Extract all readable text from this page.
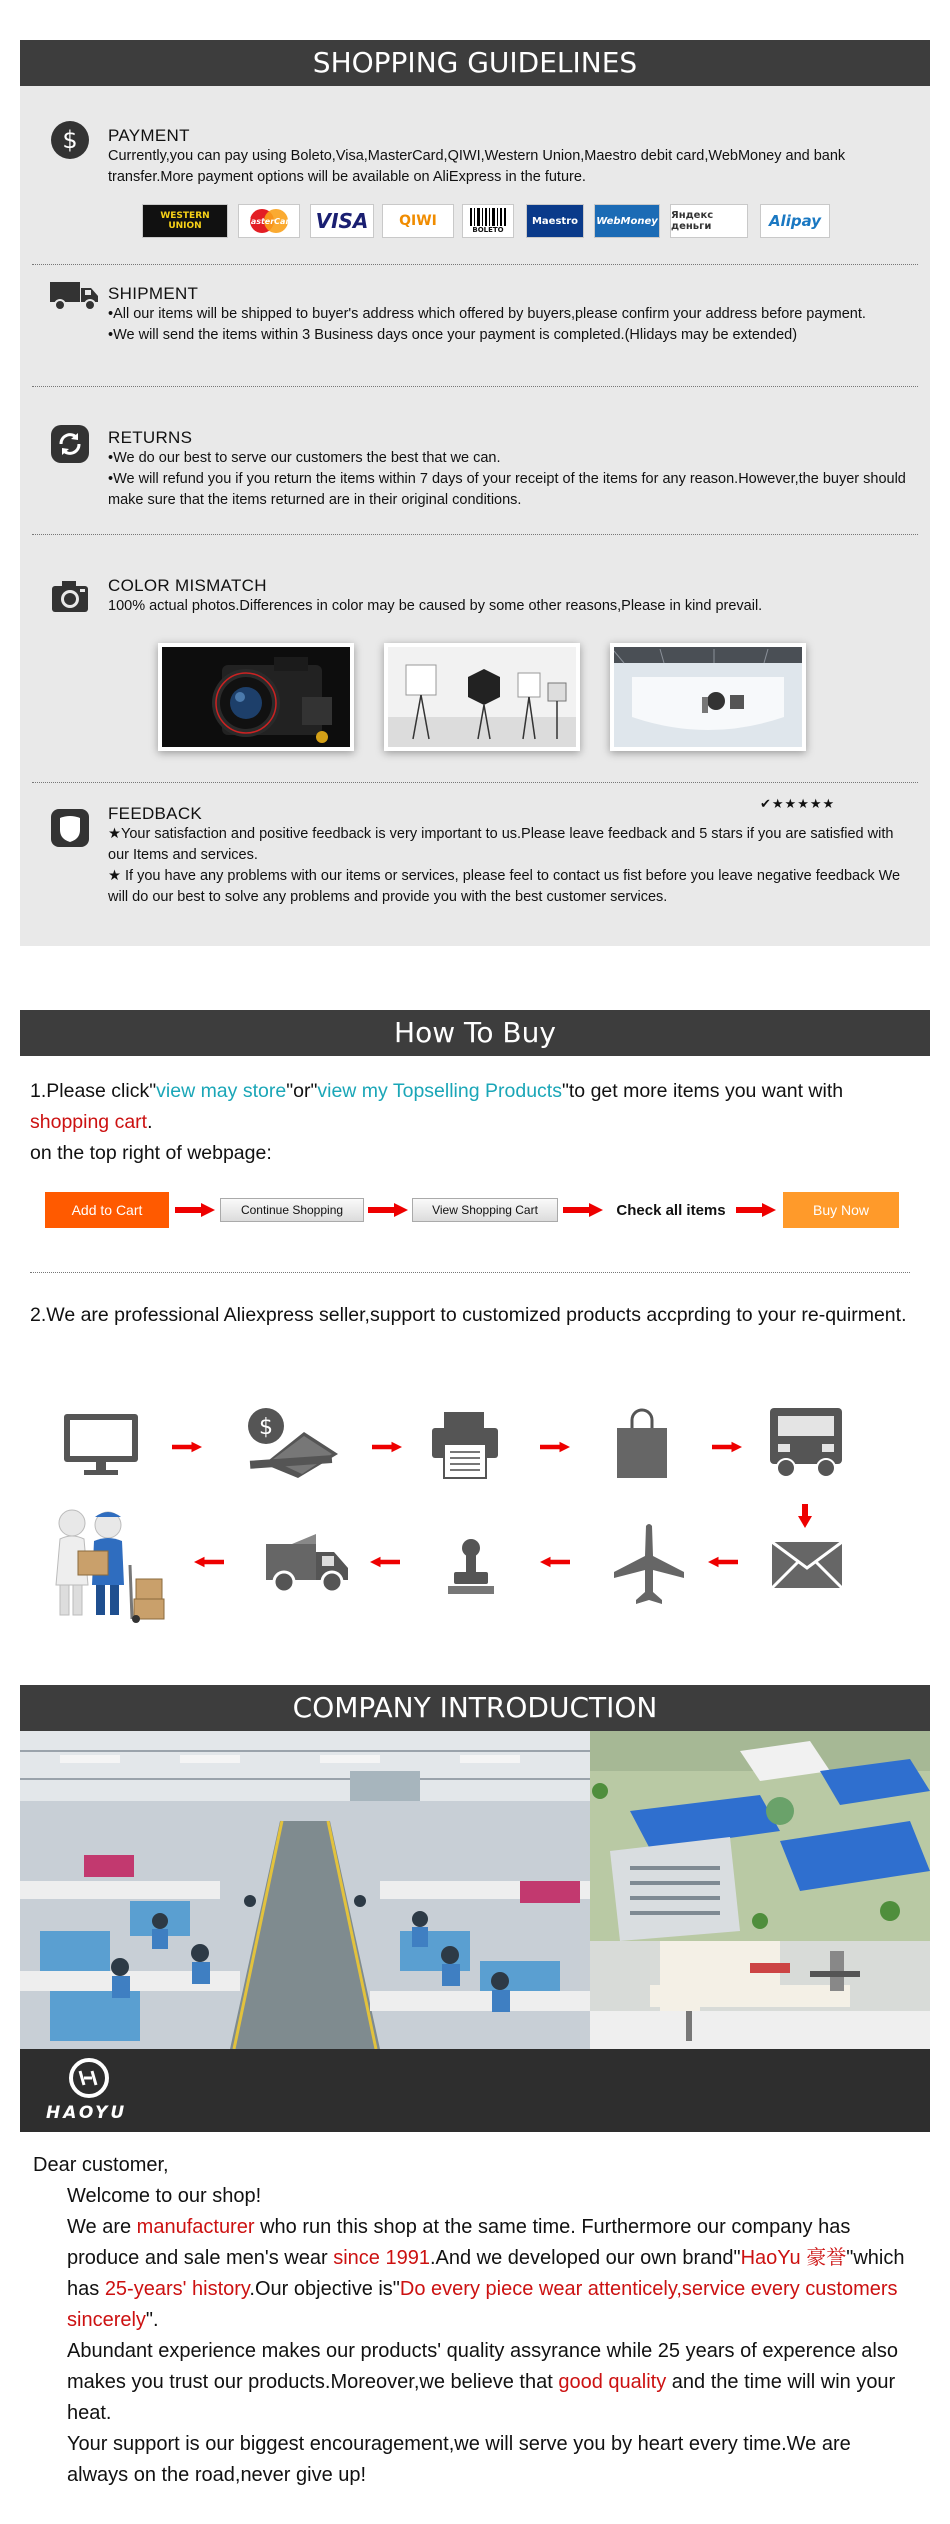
SHOPPING GUIDELINES
$ PAYMENT
Currently,you can pay using Boleto,Visa,MasterCard,QIWI,Western Union,Maestro debit card,WebMoney and bank transfer.More payment options will be available on AliExpress in the future.
WESTERN UNION	MasterCard VISA QIWI
BOLETO
Maestro WebMoney Яндекс деньги	Alipay
SHIPMENT
•All our items will be shipped to buyer's address which offered by buyers,please confirm your address before payment.
•We will send the items within 3 Business days once your payment is completed.(Hlidays may be extended)
RETURNS
•We do our best to serve our customers the best that we can.
•We will refund you if you return the items within 7 days of your receipt of the items for any reason.However,the buyer should make sure that the items returned are in their original conditions.
COLOR MISMATCH
100% actual photos.Differences in color may be caused by some other reasons,Please in kind prevail.
FEEDBACK
✔★★★★★
★Your satisfaction and positive feedback is very important to us.Please leave feedback and 5 stars if you are satisfied with our Items and services.
★ If you have any problems with our items or services, please feel to contact us fist before you leave negative feedback We will do our best to solve any problems and provide you with the best customer services.
How To Buy
1.Please click"view may store"or"view my Topselling Products"to get more items you want with shopping cart.
on the top right of webpage:
Add to Cart	Continue Shopping	View Shopping Cart	Check all items	Buy Now
2.We are professional Aliexpress seller,support to customized products accprding to your re-quirment.
$
COMPANY INTRODUCTION
HAOYU

Dear customer,

Welcome to our shop!

We are manufacturer who run this shop at the same time. Furthermore our company has produce and sale men's wear since 1991.And we developed our own brand"HaoYu 豪誉"which has 25-years' history.Our objective is"Do every piece wear attenticely,service every customers sincerely".

Abundant experience makes our products' quality assyrance while 25 years of experence also makes you trust our products.Moreover,we believe that good quality and the time will win your heat.

Your support is our biggest encouragement,we will serve you by heart every time.We are always on the road,never give up!
